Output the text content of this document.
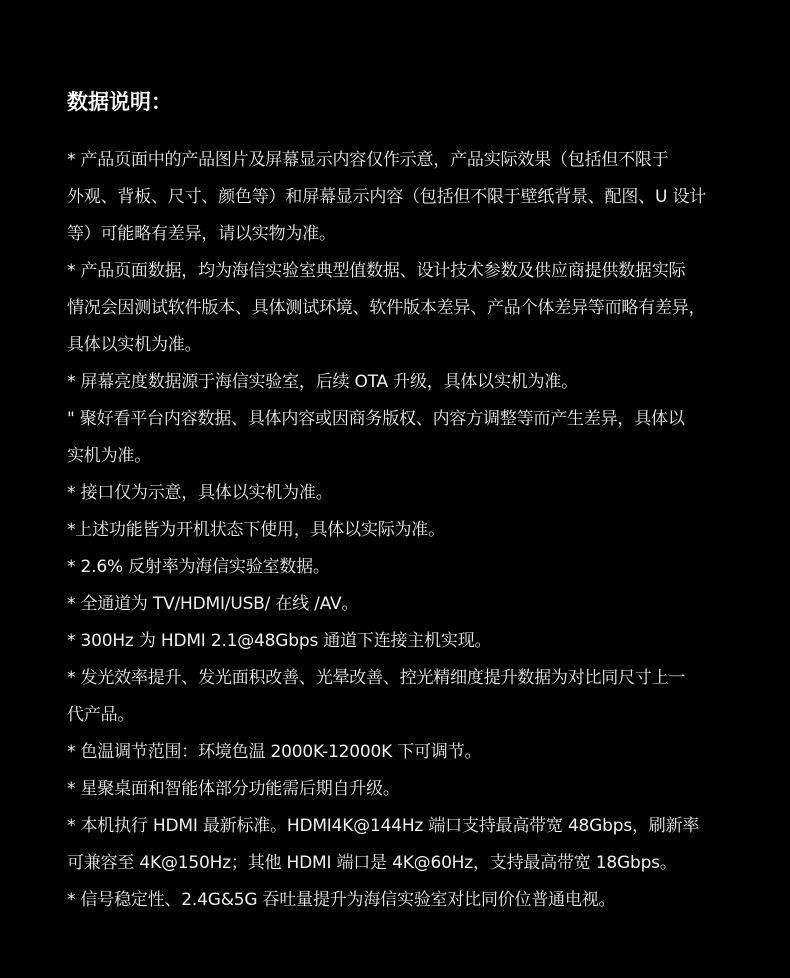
数据说明：
* 产品页面中的产品图片及屏幕显示内容仅作示意，产品实际效果（包括但不限于
外观、背板、尺寸、颜色等）和屏幕显示内容（包括但不限于壁纸背景、配图、U 设计
等）可能略有差异，请以实物为准。
* 产品页面数据，均为海信实验室典型值数据、设计技术参数及供应商提供数据实际
情况会因测试软件版本、具体测试环境、软件版本差异、产品个体差异等而略有差异，
具体以实机为准。
* 屏幕亮度数据源于海信实验室，后续 OTA 升级，具体以实机为准。
" 聚好看平台内容数据、具体内容或因商务版权、内容方调整等而产生差异，具体以
实机为准。
* 接口仅为示意，具体以实机为准。
*上述功能皆为开机状态下使用，具体以实际为准。
* 2.6% 反射率为海信实验室数据。
* 全通道为 TV/HDMI/USB/ 在线 /AV。
* 300Hz 为 HDMI 2.1@48Gbps 通道下连接主机实现。
* 发光效率提升、发光面积改善、光晕改善、控光精细度提升数据为对比同尺寸上一
代产品。
* 色温调节范围：环境色温 2000K-12000K 下可调节。
* 星聚桌面和智能体部分功能需后期自升级。
* 本机执行 HDMI 最新标准。HDMI4K@144Hz 端口支持最高带宽 48Gbps，刷新率
可兼容至 4K@150Hz；其他 HDMI 端口是 4K@60Hz，支持最高带宽 18Gbps。
* 信号稳定性、2.4G&5G 吞吐量提升为海信实验室对比同价位普通电视。
